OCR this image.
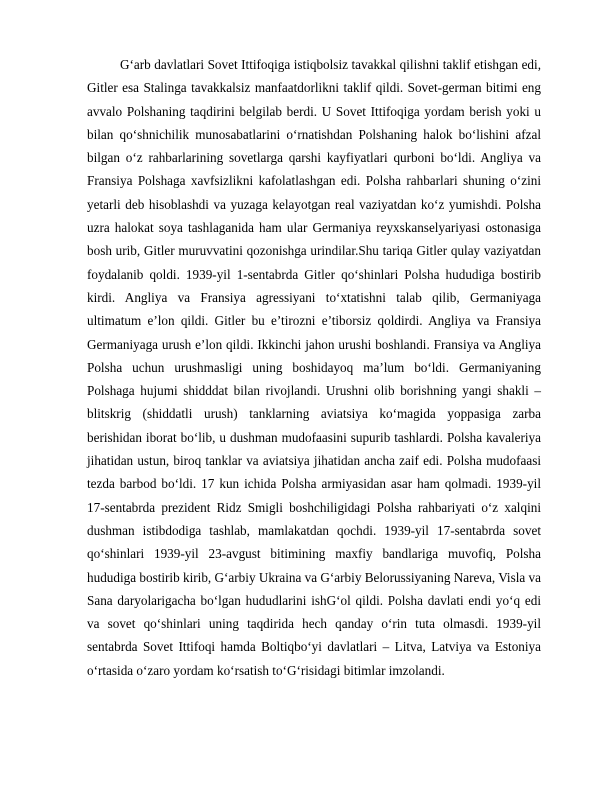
G‘arb davlatlari Sovet Ittifoqiga istiqbolsiz tavakkal qilishni taklif etishgan edi, Gitler esa Stalinga tavakkalsiz manfaatdorlikni taklif qildi. Sovet-german bitimi eng avvalo Polshaning taqdirini belgilab berdi. U Sovet Ittifoqiga yordam berish yoki u bilan qo‘shnichilik munosabatlarini o‘rnatishdan Polshaning halok bo‘lishini afzal bilgan o‘z rahbarlarining sovetlarga qarshi kayfiyatlari qurboni bo‘ldi. Angliya va Fransiya Polshaga xavfsizlikni kafolatlashgan edi. Polsha rahbarlari shuning o‘zini yetarli deb hisoblashdi va yuzaga kelayotgan real vaziyatdan ko‘z yumishdi. Polsha uzra halokat soya tashlaganida ham ular Germaniya reyxskanselyariyasi ostonasiga bosh urib, Gitler muruvvatini qozonishga urindilar.Shu tariqa Gitler qulay vaziyatdan foydalanib qoldi. 1939-yil 1-sentabrda Gitler qo‘shinlari Polsha hududiga bostirib kirdi. Angliya va Fransiya agressiyani to‘xtatishni talab qilib, Germaniyaga ultimatum e’lon qildi. Gitler bu e’tirozni e’tiborsiz qoldirdi. Angliya va Fransiya Germaniyaga urush e’lon qildi. Ikkinchi jahon urushi boshlandi. Fransiya va Angliya Polsha uchun urushmasligi uning boshidayoq ma’lum bo‘ldi. Germaniyaning Polshaga hujumi shidddat bilan rivojlandi. Urushni olib borishning yangi shakli – blitskrig (shiddatli urush) tanklarning aviatsiya ko‘magida yoppasiga zarba berishidan iborat bo‘lib, u dushman mudofaasini supurib tashlardi. Polsha kavaleriya jihatidan ustun, biroq tanklar va aviatsiya jihatidan ancha zaif edi. Polsha mudofaasi tezda barbod bo‘ldi. 17 kun ichida Polsha armiyasidan asar ham qolmadi. 1939-yil 17-sentabrda prezident Ridz Smigli boshchiligidagi Polsha rahbariyati o‘z xalqini dushman istibdodiga tashlab, mamlakatdan qochdi. 1939-yil 17-sentabrda sovet qo‘shinlari 1939-yil 23-avgust bitimining maxfiy bandlariga muvofiq, Polsha hududiga bostirib kirib, G‘arbiy Ukraina va G‘arbiy Belorussiyaning Nareva, Visla va Sana daryolarigacha bo‘lgan hududlarini ishG‘ol qildi. Polsha davlati endi yo‘q edi va sovet qo‘shinlari uning taqdirida hech qanday o‘rin tuta olmasdi. 1939-yil sentabrda Sovet Ittifoqi hamda Boltiqbo‘yi davlatlari – Litva, Latviya va Estoniya o‘rtasida o‘zaro yordam ko‘rsatish to‘G‘risidagi bitimlar imzolandi.
